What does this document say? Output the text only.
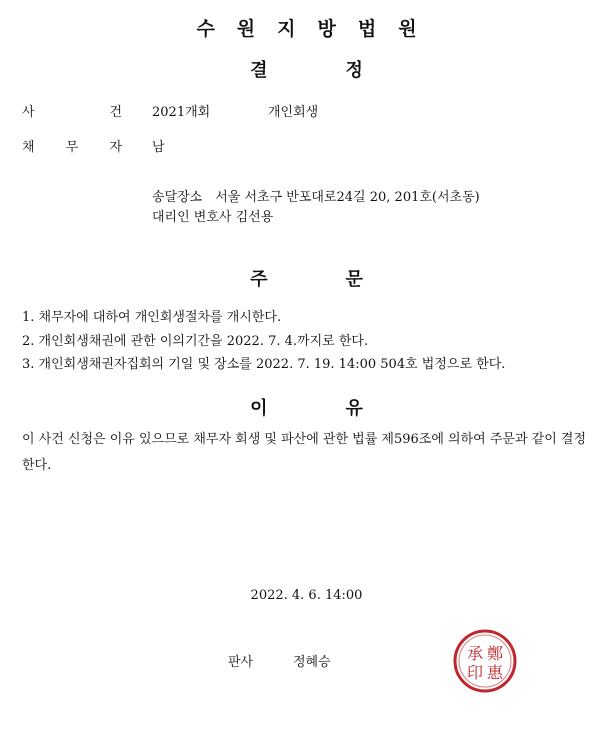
수원지방법원
결	정
사	건 2021개회	개인회생
채 무 자 남
송달장소　서울 서초구 반포대로24길 20, 201호(서초동)
대리인 변호사 김선용
주	문
1. 채무자에 대하여 개인회생절차를 개시한다.
2. 개인회생채권에 관한 이의기간을 2022. 7. 4.까지로 한다.
3. 개인회생채권자집회의 기일 및 장소를 2022. 7. 19. 14:00 504호 법정으로 한다.
이	유
이 사건 신청은 이유 있으므로 채무자 회생 및 파산에 관한 법률 제596조에 의하여 주문과 같이 결정한다.
2022. 4. 6. 14:00
판사	정혜승	承 鄭
印 惠
